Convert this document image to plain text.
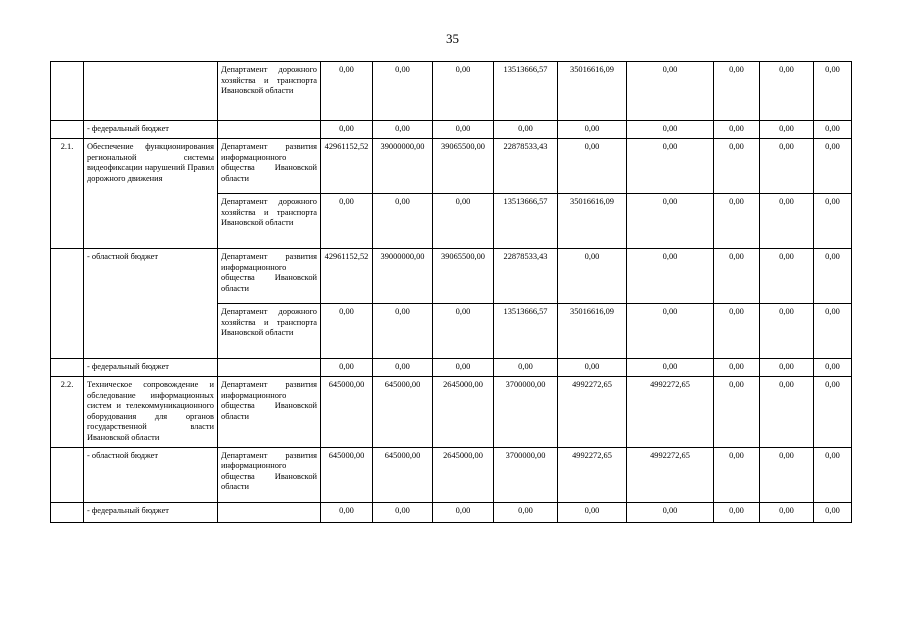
35
		Департамент дорожного хозяйства и транспорта Ивановской области	0,00	0,00	0,00	13513666,57	35016616,09	0,00	0,00	0,00	0,00
	- федеральный бюджет		0,00	0,00	0,00	0,00	0,00	0,00	0,00	0,00	0,00
2.1.	Обеспечение функционирования региональной системы видеофиксации нарушений Правил дорожного движения	Департамент развития информационного общества Ивановской области	42961152,52	39000000,00	39065500,00	22878533,43	0,00	0,00	0,00	0,00	0,00
		Департамент дорожного хозяйства и транспорта Ивановской области	0,00	0,00	0,00	13513666,57	35016616,09	0,00	0,00	0,00	0,00
	- областной бюджет	Департамент развития информационного общества Ивановской области	42961152,52	39000000,00	39065500,00	22878533,43	0,00	0,00	0,00	0,00	0,00
		Департамент дорожного хозяйства и транспорта Ивановской области	0,00	0,00	0,00	13513666,57	35016616,09	0,00	0,00	0,00	0,00
	- федеральный бюджет		0,00	0,00	0,00	0,00	0,00	0,00	0,00	0,00	0,00
2.2.	Техническое сопровождение и обследование информационных систем и телекоммуникационного оборудования для органов государственной власти Ивановской области	Департамент развития информационного общества Ивановской области	645000,00	645000,00	2645000,00	3700000,00	4992272,65	4992272,65	0,00	0,00	0,00
	- областной бюджет	Департамент развития информационного общества Ивановской области	645000,00	645000,00	2645000,00	3700000,00	4992272,65	4992272,65	0,00	0,00	0,00
	- федеральный бюджет		0,00	0,00	0,00	0,00	0,00	0,00	0,00	0,00	0,00
